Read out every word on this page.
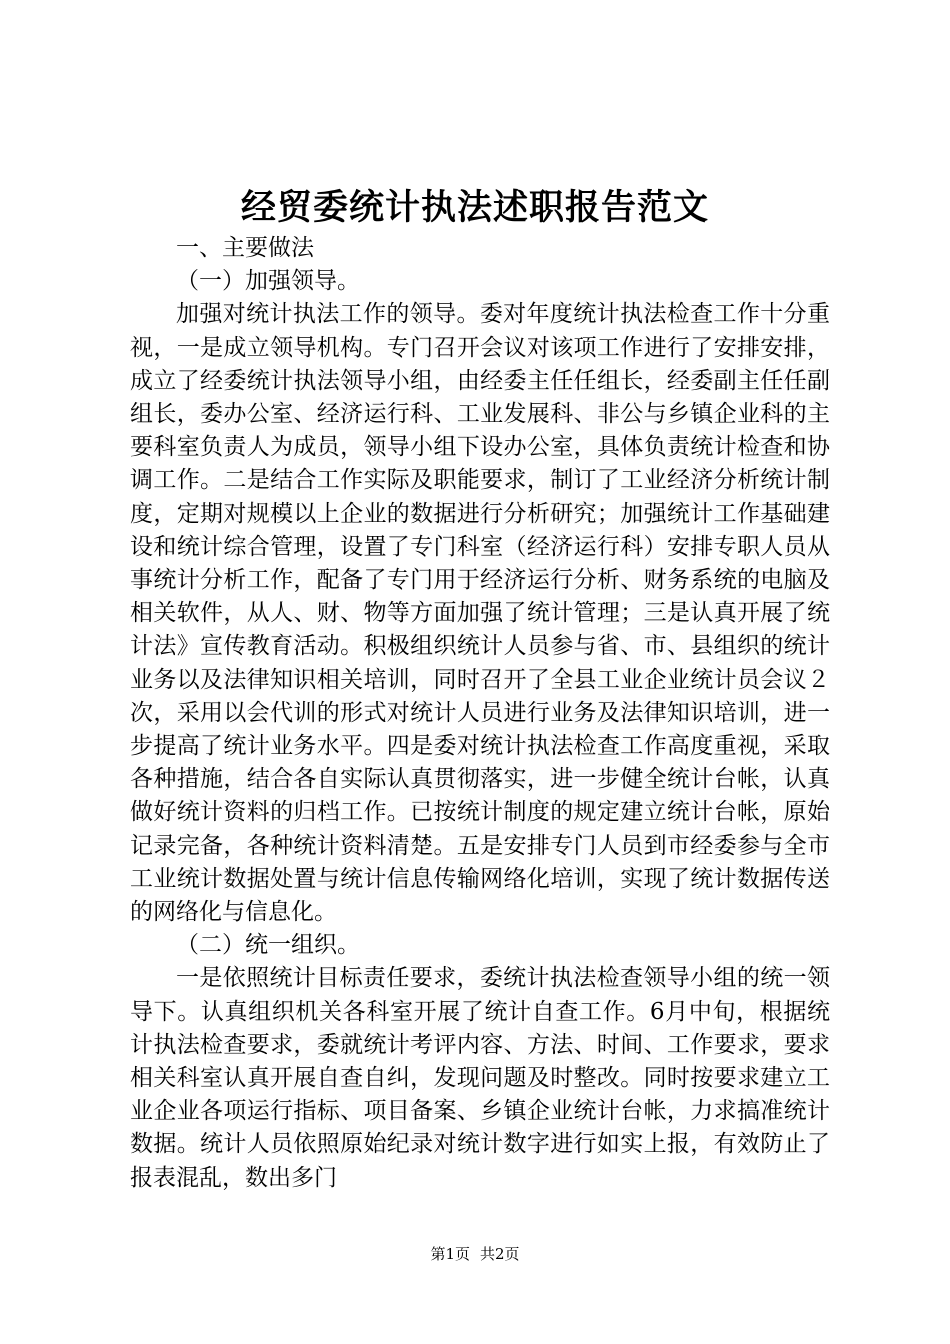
经贸委统计执法述职报告范文

一、主要做法

（一）加强领导。

加强对统计执法工作的领导。委对年度统计执法检查工作十分重视，一是成立领导机构。专门召开会议对该项工作进行了安排安排，成立了经委统计执法领导小组，由经委主任任组长，经委副主任任副组长，委办公室、经济运行科、工业发展科、非公与乡镇企业科的主要科室负责人为成员，领导小组下设办公室，具体负责统计检查和协调工作。二是结合工作实际及职能要求，制订了工业经济分析统计制度，定期对规模以上企业的数据进行分析研究；加强统计工作基础建设和统计综合管理，设置了专门科室（经济运行科）安排专职人员从事统计分析工作，配备了专门用于经济运行分析、财务系统的电脑及相关软件，从人、财、物等方面加强了统计管理；三是认真开展了统计法》宣传教育活动。积极组织统计人员参与省、市、县组织的统计业务以及法律知识相关培训，同时召开了全县工业企业统计员会议２次，采用以会代训的形式对统计人员进行业务及法律知识培训，进一步提高了统计业务水平。四是委对统计执法检查工作高度重视，采取各种措施，结合各自实际认真贯彻落实，进一步健全统计台帐，认真做好统计资料的归档工作。已按统计制度的规定建立统计台帐，原始记录完备，各种统计资料清楚。五是安排专门人员到市经委参与全市工业统计数据处置与统计信息传输网络化培训，实现了统计数据传送的网络化与信息化。

（二）统一组织。

一是依照统计目标责任要求，委统计执法检查领导小组的统一领导下。认真组织机关各科室开展了统计自查工作。6月中旬，根据统计执法检查要求，委就统计考评内容、方法、时间、工作要求，要求相关科室认真开展自查自纠，发现问题及时整改。同时按要求建立工业企业各项运行指标、项目备案、乡镇企业统计台帐，力求搞准统计数据。统计人员依照原始纪录对统计数字进行如实上报，有效防止了报表混乱，数出多门

第1页 共2页
